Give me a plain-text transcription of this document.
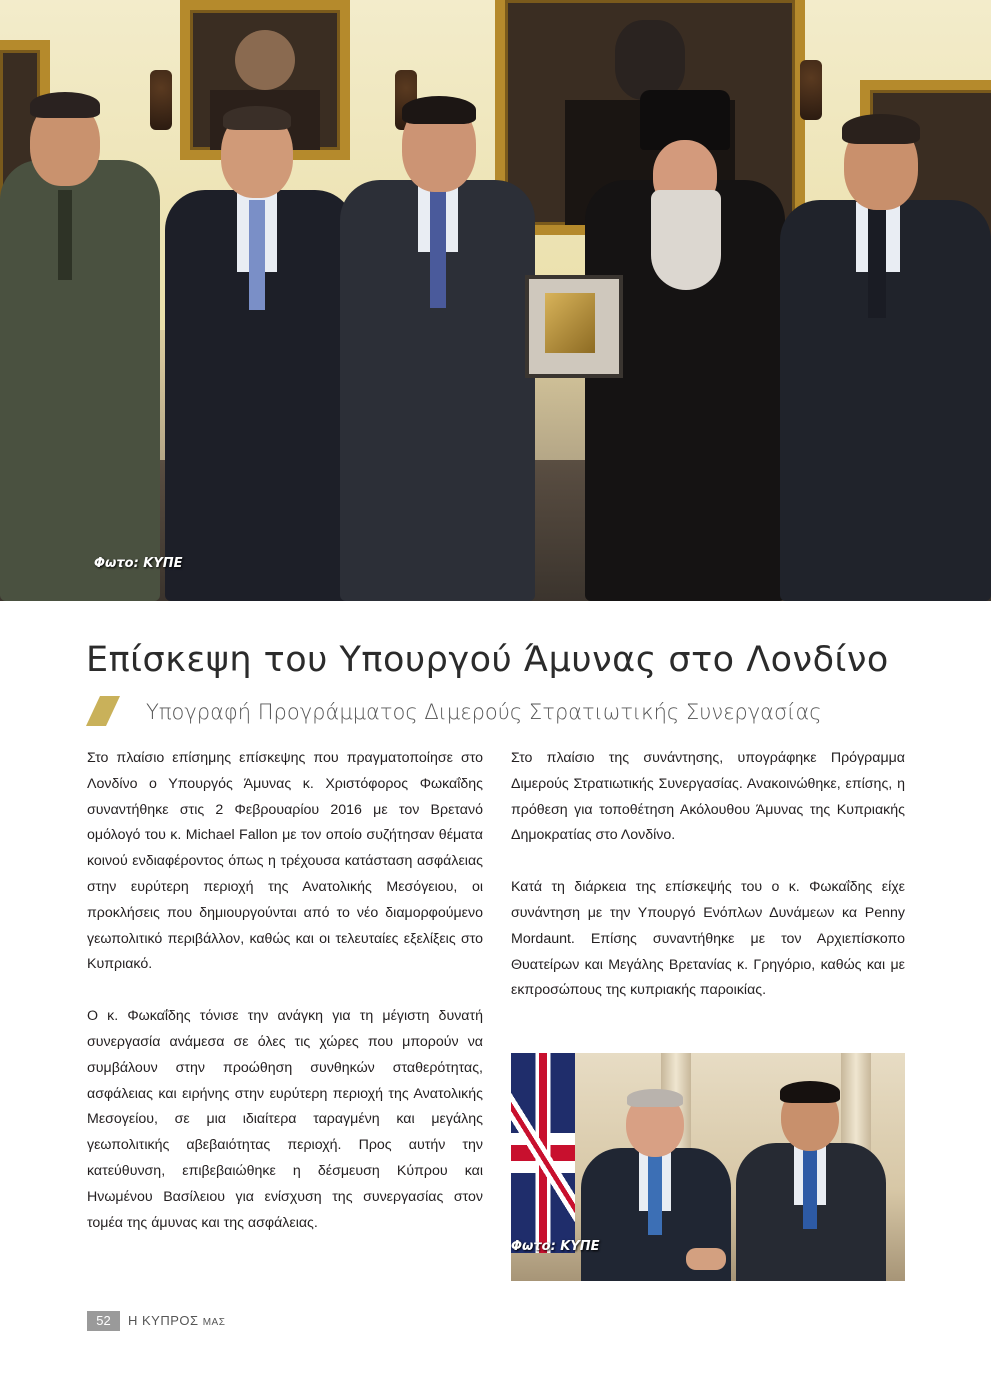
Φωτο: ΚΥΠΕ
Επίσκεψη του Υπουργού Άμυνας στο Λονδίνο
Υπογραφή Προγράμματος Διμερούς Στρατιωτικής Συνεργασίας

Στο πλαίσιο επίσημης επίσκεψης που πραγματοποίησε στο Λονδίνο ο Υπουργός Άμυνας κ. Χριστόφορος Φωκαΐδης συναντήθηκε στις 2 Φεβρουαρίου 2016 με τον Βρετανό ομόλογό του κ. Michael Fallon με τον οποίο συζήτησαν θέματα κοινού ενδιαφέροντος όπως η τρέχουσα κατάσταση ασφάλειας στην ευρύτερη περιοχή της Ανατολικής Μεσόγειου, οι προκλήσεις που δημιουργούνται από το νέο διαμορφούμενο γεωπολιτικό περιβάλλον, καθώς και οι τελευταίες εξελίξεις στο Κυπριακό.

Ο κ. Φωκαΐδης τόνισε την ανάγκη για τη μέγιστη δυνατή συνεργασία ανάμεσα σε όλες τις χώρες που μπορούν να συμβάλουν στην προώθηση συνθηκών σταθερότητας, ασφάλειας και ειρήνης στην ευρύτερη περιοχή της Ανατολικής Μεσογείου, σε μια ιδιαίτερα ταραγμένη και μεγάλης γεωπολιτικής αβεβαιότητας περιοχή. Προς αυτήν την κατεύθυνση, επιβεβαιώθηκε η δέσμευση Κύπρου και Ηνωμένου Βασίλειου για ενίσχυση της συνεργασίας στον τομέα της άμυνας και της ασφάλειας.

Στο πλαίσιο της συνάντησης, υπογράφηκε Πρόγραμμα Διμερούς Στρατιωτικής Συνεργασίας. Ανακοινώθηκε, επίσης, η πρόθεση για τοποθέτηση Ακόλουθου Άμυνας της Κυπριακής Δημοκρατίας στο Λονδίνο.

Κατά τη διάρκεια της επίσκεψής του ο κ. Φωκαΐδης είχε συνάντηση με την Υπουργό Ενόπλων Δυνάμεων κα Penny Mordaunt. Επίσης συναντήθηκε με τον Αρχιεπίσκοπο Θυατείρων και Μεγάλης Βρετανίας κ. Γρηγόριο, καθώς και με εκπροσώπους της κυπριακής παροικίας.

Φωτο: ΚΥΠΕ
52	Η ΚΥΠΡΟΣ ΜΑΣ
